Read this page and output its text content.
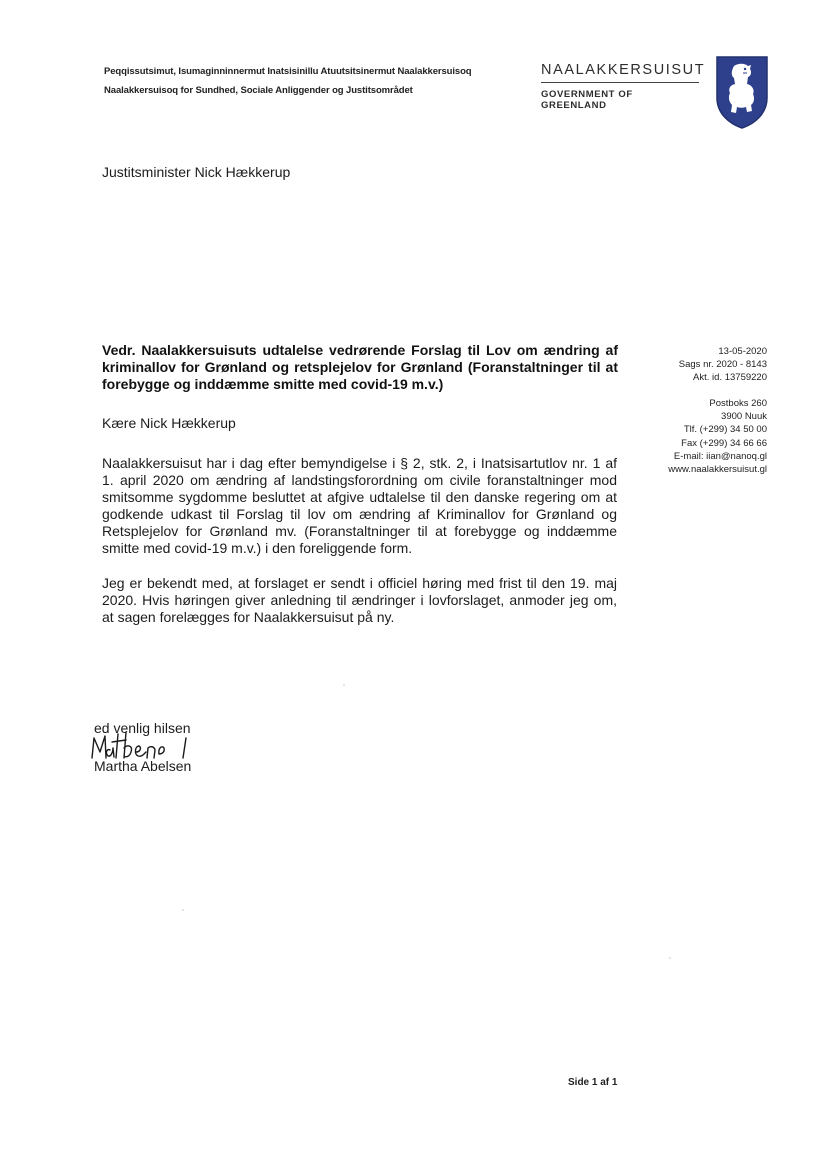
Peqqissutsimut, Isumaginninnermut Inatsisinillu Atuutsitsinermut Naalakkersuisoq
Naalakkersuisoq for Sundhed, Sociale Anliggender og Justitsområdet
NAALAKKERSUISUT
GOVERNMENT OF GREENLAND
Justitsminister Nick Hækkerup
Vedr. Naalakkersuisuts udtalelse vedrørende Forslag til Lov om ændring af kriminallov for Grønland og retsplejelov for Grønland (Foranstaltninger til at forebygge og inddæmme smitte med covid-19 m.v.)
Kære Nick Hækkerup
Naalakkersuisut har i dag efter bemyndigelse i § 2, stk. 2, i Inatsisartutlov nr. 1 af 1. april 2020 om ændring af landstingsforordning om civile foranstaltninger mod smitsomme sygdomme besluttet at afgive udtalelse til den danske regering om at godkende udkast til Forslag til lov om ændring af Kriminallov for Grønland og Retsplejelov for Grønland mv. (Foranstaltninger til at forebygge og inddæmme smitte med covid-19 m.v.) i den foreliggende form.
Jeg er bekendt med, at forslaget er sendt i officiel høring med frist til den 19. maj 2020. Hvis høringen giver anledning til ændringer i lovforslaget, anmoder jeg om, at sagen forelægges for Naalakkersuisut på ny.
13-05-2020
Sags nr. 2020 - 8143
Akt. id. 13759220
Postboks 260
3900 Nuuk
Tlf. (+299) 34 50 00
Fax (+299) 34 66 66
E-mail: iian@nanoq.gl
www.naalakkersuisut.gl
ed venlig hilsen
Martha Abelsen
Side 1 af 1
